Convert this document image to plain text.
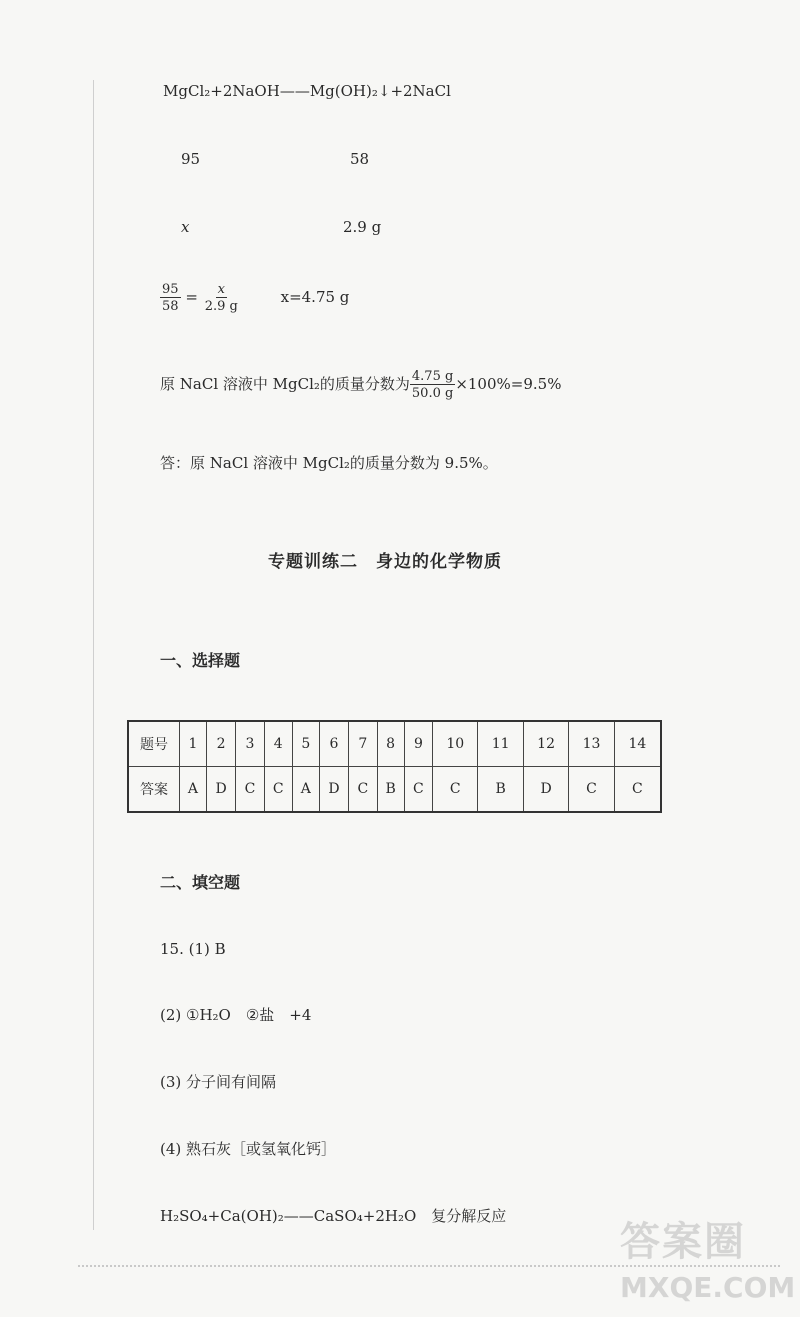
MgCl₂+2NaOH——Mg(OH)₂↓+2NaCl
95	58
x	2.9 g
$\frac{95}{58} = \frac{x}{2.9 g}$	x=4.75 g
原 NaCl 溶液中 MgCl₂的质量分数为 $\frac{4.75 g}{50.0 g} \times 100\%=9.5\%$
答：原 NaCl 溶液中 MgCl₂的质量分数为 9.5%。
专题训练二　身边的化学物质
一、选择题
题号	1	2	3	4	5	6	7	8	9	10	11	12	13	14
答案	A	D	C	C	A	D	C	B	C	C	B	D	C	C
二、填空题
15. (1) B
(2) ①H₂O　②盐　+4
(3) 分子间有间隔
(4) 熟石灰［或氢氧化钙］
H₂SO₄+Ca(OH)₂——CaSO₄+2H₂O　复分解反应
答案圈
MXQE.COM
